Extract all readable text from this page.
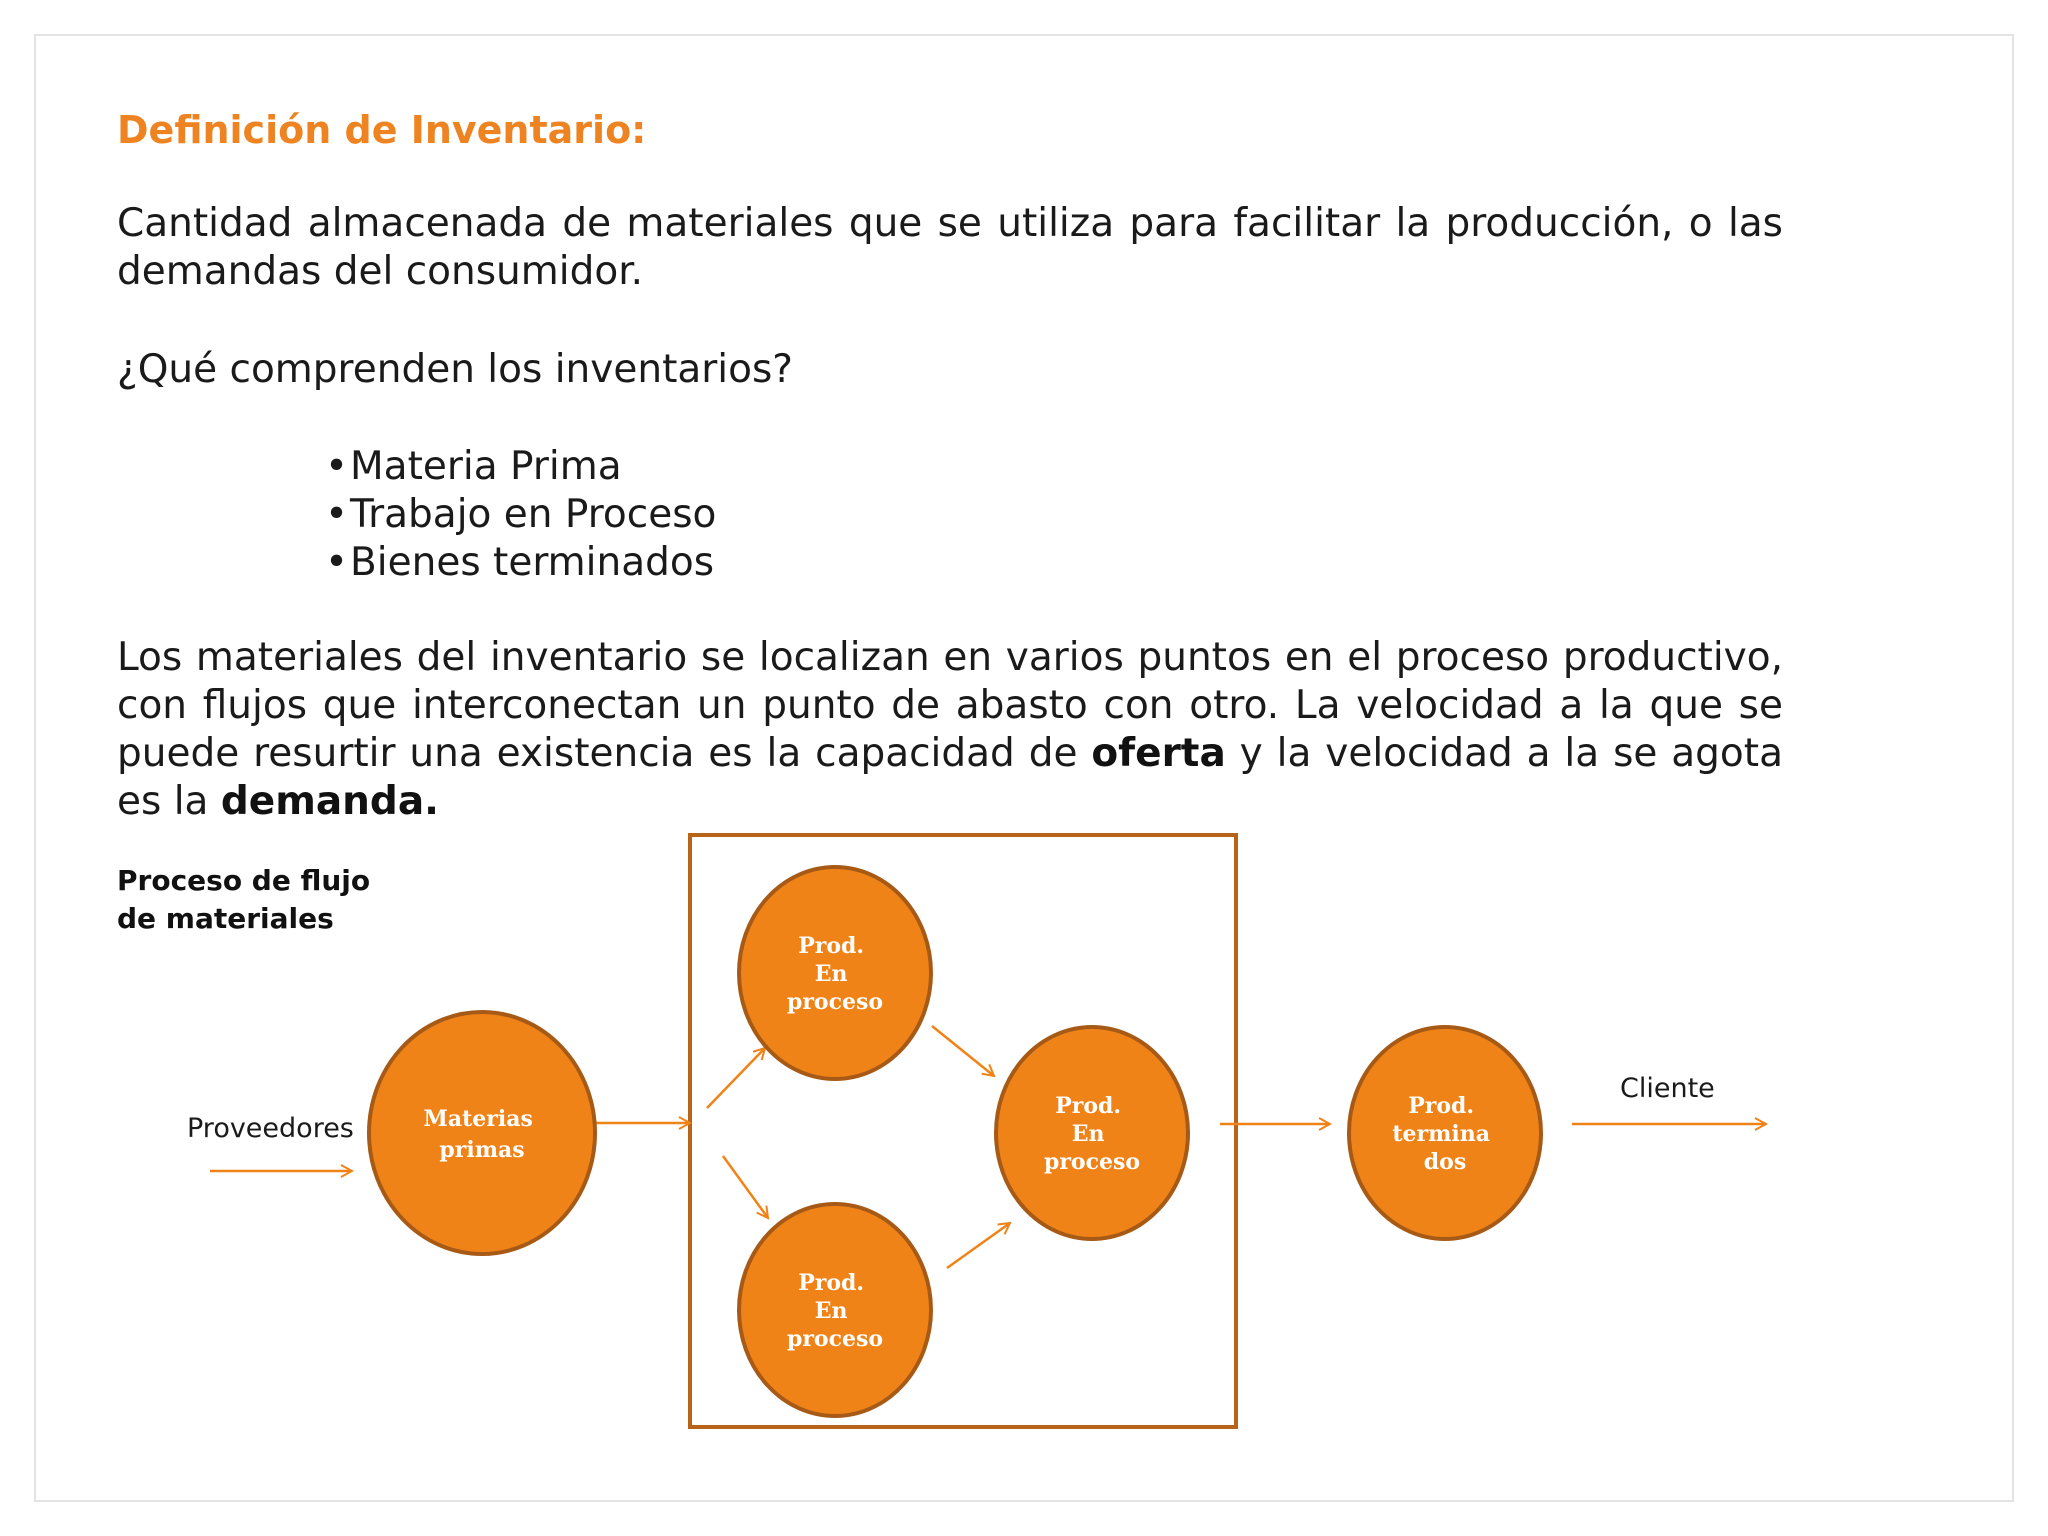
Definición de Inventario:

Cantidad almacenada de materiales que se utiliza para facilitar la producción, o las demandas del consumidor.

¿Qué comprenden los inventarios?

• Materia Prima
• Trabajo en Proceso
• Bienes terminados

Los materiales del inventario se localizan en varios puntos en el proceso productivo, con flujos que interconectan un punto de abasto con otro. La velocidad a la que se puede resurtir una existencia es la capacidad de oferta y la velocidad a la se agota es la demanda.

Proceso de flujo de materiales

Materias primas
Prod. En proceso
Prod. En proceso
Prod. En proceso
Prod. termina dos
Proveedores
Cliente
